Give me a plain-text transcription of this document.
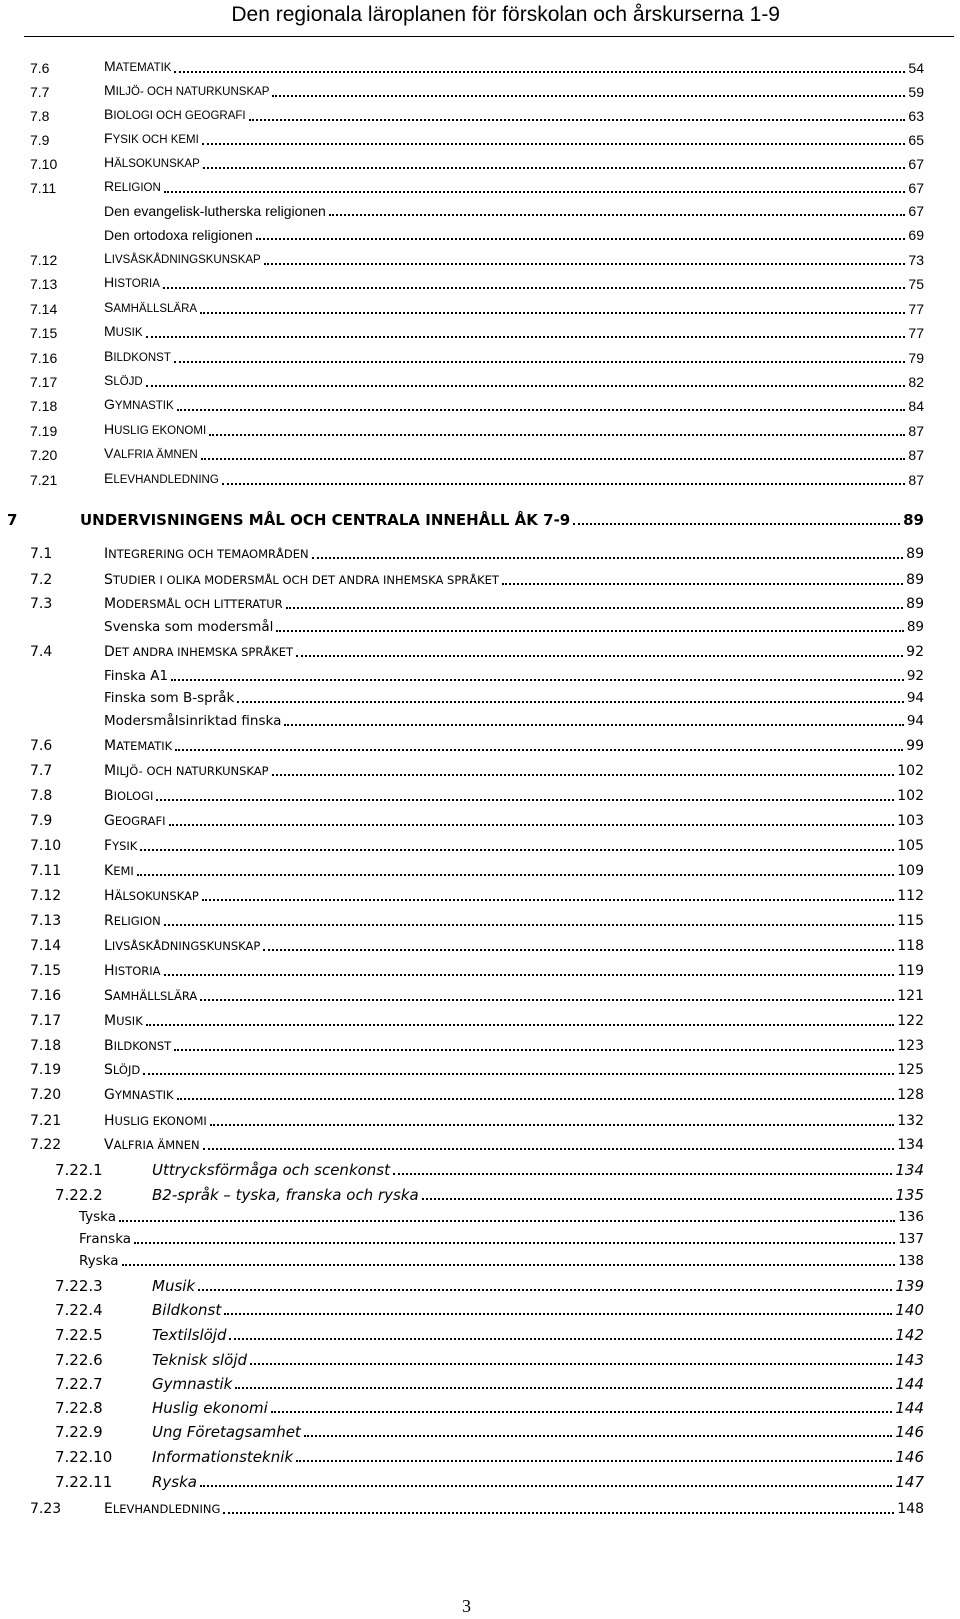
Den regionala läroplanen för förskolan och årskurserna 1-9
7.6	MATEMATIK	54
7.7	MILJÖ- OCH NATURKUNSKAP	59
7.8	BIOLOGI OCH GEOGRAFI	63
7.9	FYSIK OCH KEMI	65
7.10	HÄLSOKUNSKAP	67
7.11	RELIGION	67
Den evangelisk-lutherska religionen	67
Den ortodoxa religionen	69
7.12	LIVSÅSKÅDNINGSKUNSKAP	73
7.13	HISTORIA	75
7.14	SAMHÄLLSLÄRA	77
7.15	MUSIK	77
7.16	BILDKONST	79
7.17	SLÖJD	82
7.18	GYMNASTIK	84
7.19	HUSLIG EKONOMI	87
7.20	VALFRIA ÄMNEN	87
7.21	ELEVHANDLEDNING	87
7	UNDERVISNINGENS MÅL OCH CENTRALA INNEHÅLL ÅK 7-9	89
7.1	INTEGRERING OCH TEMAOMRÅDEN	89
7.2	STUDIER I OLIKA MODERSMÅL OCH DET ANDRA INHEMSKA SPRÅKET	89
7.3	MODERSMÅL OCH LITTERATUR	89
Svenska som modersmål	89
7.4	DET ANDRA INHEMSKA SPRÅKET	92
Finska A1	92
Finska som B-språk	94
Modersmålsinriktad finska	94
7.6	MATEMATIK	99
7.7	MILJÖ- OCH NATURKUNSKAP	102
7.8	BIOLOGI	102
7.9	GEOGRAFI	103
7.10	FYSIK	105
7.11	KEMI	109
7.12	HÄLSOKUNSKAP	112
7.13	RELIGION	115
7.14	LIVSÅSKÅDNINGSKUNSKAP	118
7.15	HISTORIA	119
7.16	SAMHÄLLSLÄRA	121
7.17	MUSIK	122
7.18	BILDKONST	123
7.19	SLÖJD	125
7.20	GYMNASTIK	128
7.21	HUSLIG EKONOMI	132
7.22	VALFRIA ÄMNEN	134
7.22.1	Uttrycksförmåga och scenkonst	134
7.22.2	B2-språk – tyska, franska och ryska	135
Tyska	136
Franska	137
Ryska	138
7.22.3	Musik	139
7.22.4	Bildkonst	140
7.22.5	Textilslöjd	142
7.22.6	Teknisk slöjd	143
7.22.7	Gymnastik	144
7.22.8	Huslig ekonomi	144
7.22.9	Ung Företagsamhet	146
7.22.10	Informationsteknik	146
7.22.11	Ryska	147
7.23	ELEVHANDLEDNING	148
3
